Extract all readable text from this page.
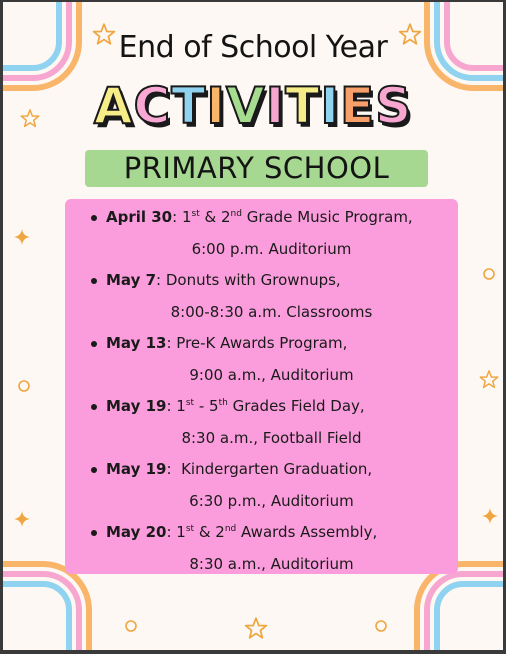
End of School Year
ACTIVITIES
PRIMARY SCHOOL
April 30: 1st & 2nd Grade Music Program,
6:00 p.m. Auditorium
May 7: Donuts with Grownups,
8:00-8:30 a.m. Classrooms
May 13: Pre-K Awards Program,
9:00 a.m., Auditorium
May 19: 1st - 5th Grades Field Day,
8:30 a.m., Football Field
May 19:  Kindergarten Graduation,
6:30 p.m., Auditorium
May 20: 1st & 2nd Awards Assembly,
8:30 a.m., Auditorium
